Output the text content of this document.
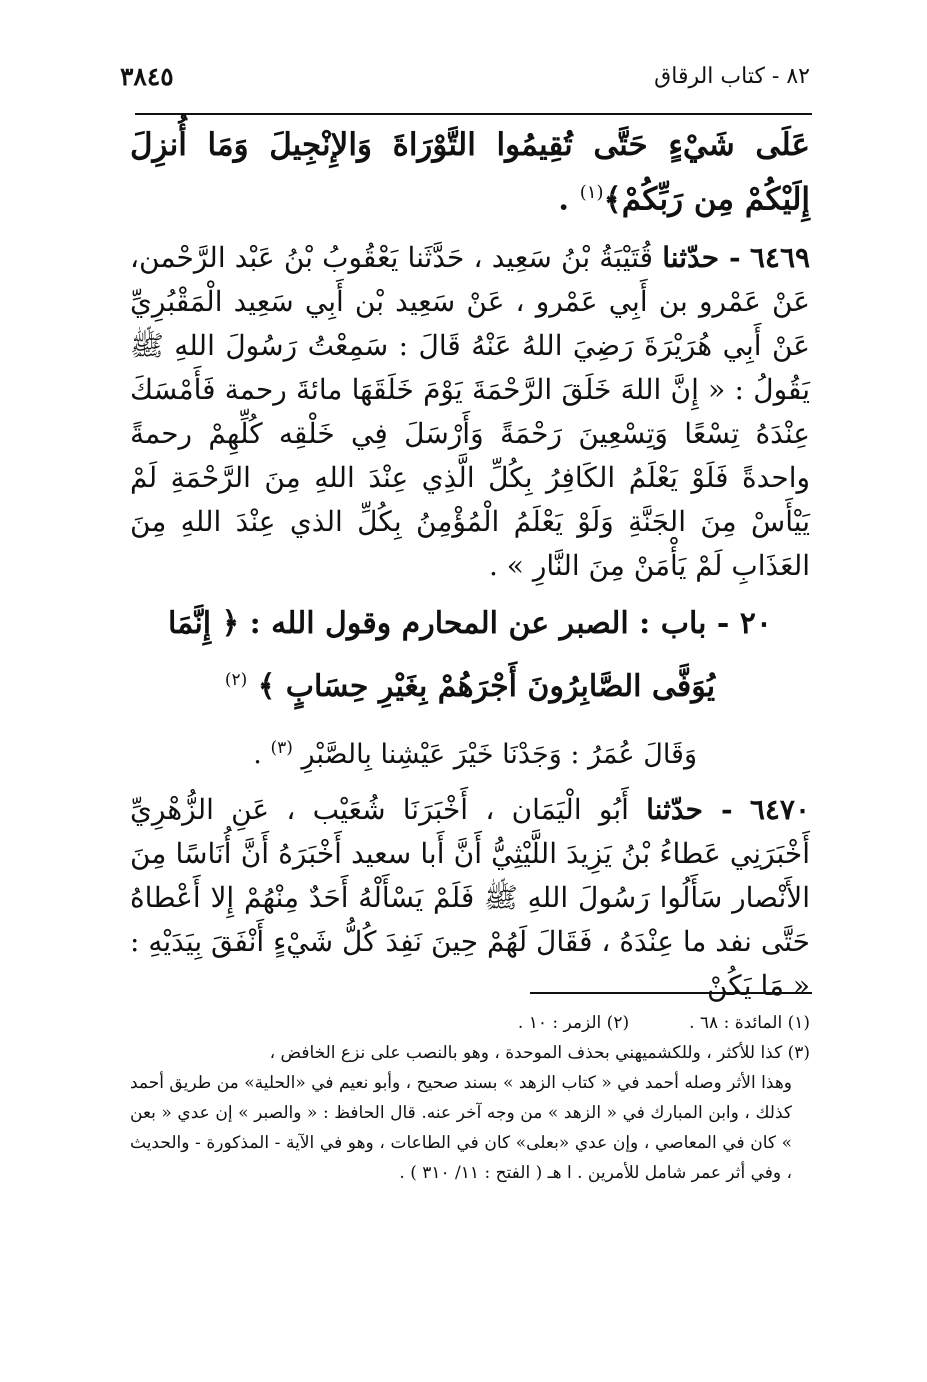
٨٢ - كتاب الرقاق
٣٨٤٥
عَلَى شَيْءٍ حَتَّى تُقِيمُوا التَّوْرَاةَ وَالإِنْجِيلَ وَمَا أُنزِلَ إِلَيْكُمْ مِن رَبِّكُمْ﴾$^{(١)}$ .
٦٤٦٩ - حدّثنا قُتَيْبَةُ بْنُ سَعِيد ، حَدَّثَنا يَعْقُوبُ بْنُ عَبْد الرَّحْمن، عَنْ عَمْرو بن أَبِي عَمْرو ، عَنْ سَعِيد بْن أَبِي سَعِيد الْمَقْبُرِيِّ عَنْ أَبِي هُرَيْرَةَ رَضِيَ اللهُ عَنْهُ قَالَ : سَمِعْتُ رَسُولَ اللهِ ﷺ يَقُولُ : « إِنَّ اللهَ خَلَقَ الرَّحْمَةَ يَوْمَ خَلَقَهَا مائةَ رحمة فَأَمْسَكَ عِنْدَهُ تِسْعًا وَتِسْعِينَ رَحْمَةً وَأَرْسَلَ فِي خَلْقِه كُلِّهِمْ رحمةً واحدةً فَلَوْ يَعْلَمُ الكَافِرُ بِكُلِّ الَّذِي عِنْدَ اللهِ مِنَ الرَّحْمَةِ لَمْ يَيْأَسْ مِنَ الجَنَّةِ وَلَوْ يَعْلَمُ الْمُؤْمِنُ بِكُلِّ الذي عِنْدَ اللهِ مِنَ العَذَابِ لَمْ يَأْمَنْ مِنَ النَّارِ » .
٢٠ - باب : الصبر عن المحارم وقول الله : ﴿ إِنَّمَا
يُوَفَّى الصَّابِرُونَ أَجْرَهُمْ بِغَيْرِ حِسَابٍ ﴾ $^{(٢)}$
وَقَالَ عُمَرُ : وَجَدْنَا خَيْرَ عَيْشِنا بِالصَّبْرِ $^{(٣)}$ .
٦٤٧٠ - حدّثنا أَبُو الْيَمَان ، أَخْبَرَنَا شُعَيْب ، عَنِ الزُّهْرِيِّ أَخْبَرَنِي عَطاءُ بْنُ يَزِيدَ اللَّيْثِيُّ أَنَّ أَبا سعيد أَخْبَرَهُ أَنَّ أُنَاسًا مِنَ الأَنْصار سَأَلُوا رَسُولَ اللهِ ﷺ فَلَمْ يَسْأَلْهُ أَحَدٌ مِنْهُمْ إِلا أَعْطاهُ حَتَّى نفد ما عِنْدَهُ ، فَقَالَ لَهُمْ حِينَ نَفِدَ كُلُّ شَيْءٍ أَنْفَقَ بِيَدَيْهِ : « مَا يَكُنْ
(١) المائدة : ٦٨ .
(٢) الزمر : ١٠ .
(٣) كذا للأكثر ، وللكشميهني بحذف الموحدة ، وهو بالنصب على نزع الخافض ،
وهذا الأثر وصله أحمد في « كتاب الزهد » بسند صحيح ، وأبو نعيم في «الحلية» من طريق أحمد كذلك ، وابن المبارك في « الزهد » من وجه آخر عنه. قال الحافظ : « والصبر » إن عدي « بعن » كان في المعاصي ، وإن عدي «بعلى» كان في الطاعات ، وهو في الآية - المذكورة - والحديث ، وفي أثر عمر شامل للأمرين . ا هـ ( الفتح : ١١/ ٣١٠ ) .
